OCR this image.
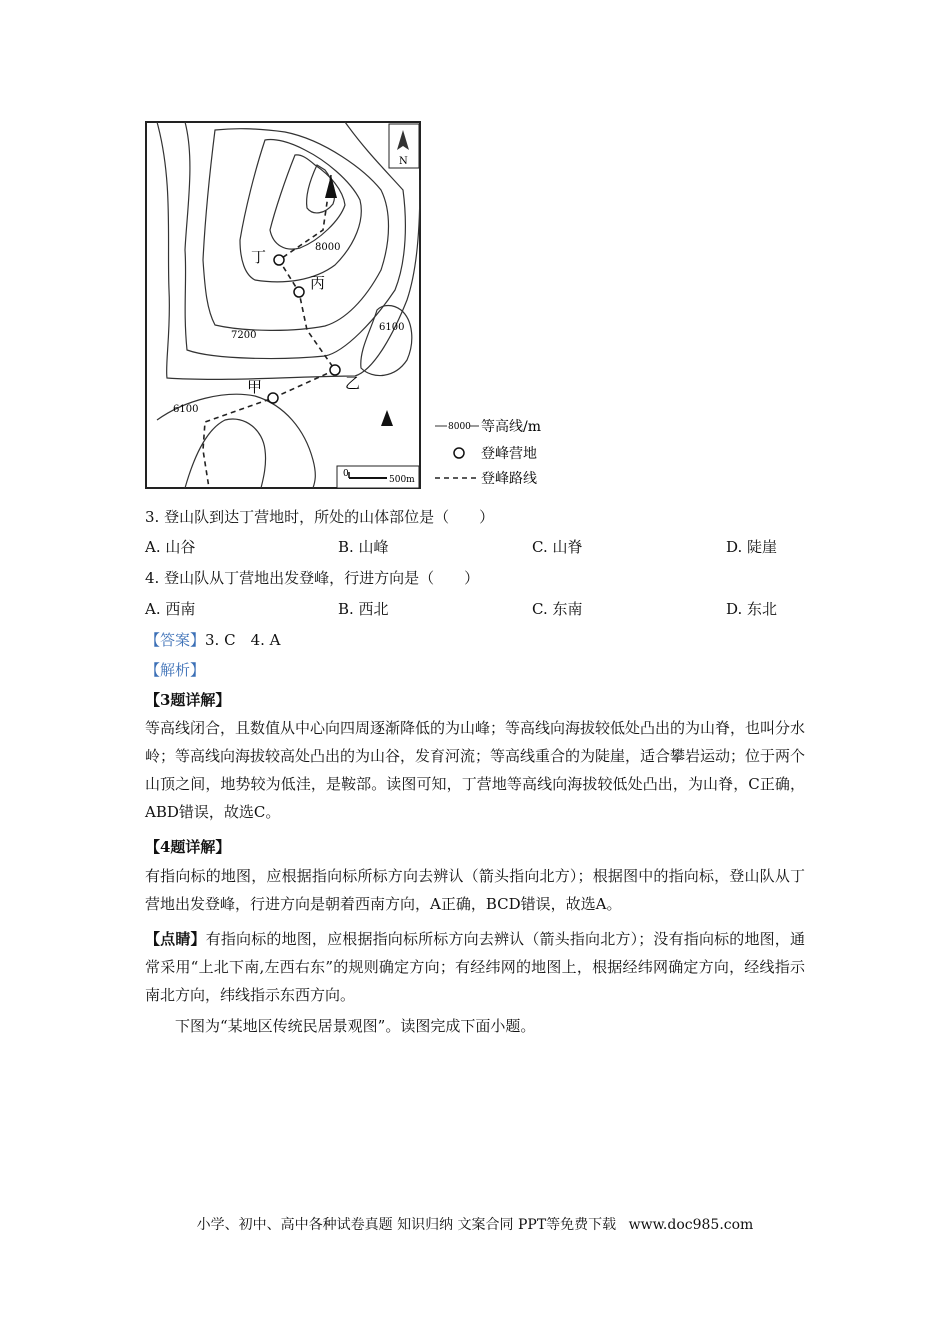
丁
丙
乙
甲
8000
7200
6100
6100
N
0
500m
8000 等高线/m
登峰营地
登峰路线
3. 登山队到达丁营地时，所处的山体部位是（　　）
A. 山谷	B. 山峰	C. 山脊	D. 陡崖
4. 登山队从丁营地出发登峰，行进方向是（　　）
A. 西南	B. 西北	C. 东南	D. 东北
【答案】3. C　4. A
【解析】
【3题详解】
等高线闭合，且数值从中心向四周逐渐降低的为山峰；等高线向海拔较低处凸出的为山脊，也叫分水岭；等高线向海拔较高处凸出的为山谷，发育河流；等高线重合的为陡崖，适合攀岩运动；位于两个山顶之间，地势较为低洼，是鞍部。读图可知，丁营地等高线向海拔较低处凸出，为山脊，C正确，ABD错误，故选C。
【4题详解】
有指向标的地图，应根据指向标所标方向去辨认（箭头指向北方）；根据图中的指向标，登山队从丁营地出发登峰，行进方向是朝着西南方向，A正确，BCD错误，故选A。
【点睛】有指向标的地图，应根据指向标所标方向去辨认（箭头指向北方）；没有指向标的地图，通常采用“上北下南,左西右东”的规则确定方向；有经纬网的地图上，根据经纬网确定方向，经线指示南北方向，纬线指示东西方向。
下图为“某地区传统民居景观图”。读图完成下面小题。
小学、初中、高中各种试卷真题 知识归纳 文案合同 PPT等免费下载 www.doc985.com
